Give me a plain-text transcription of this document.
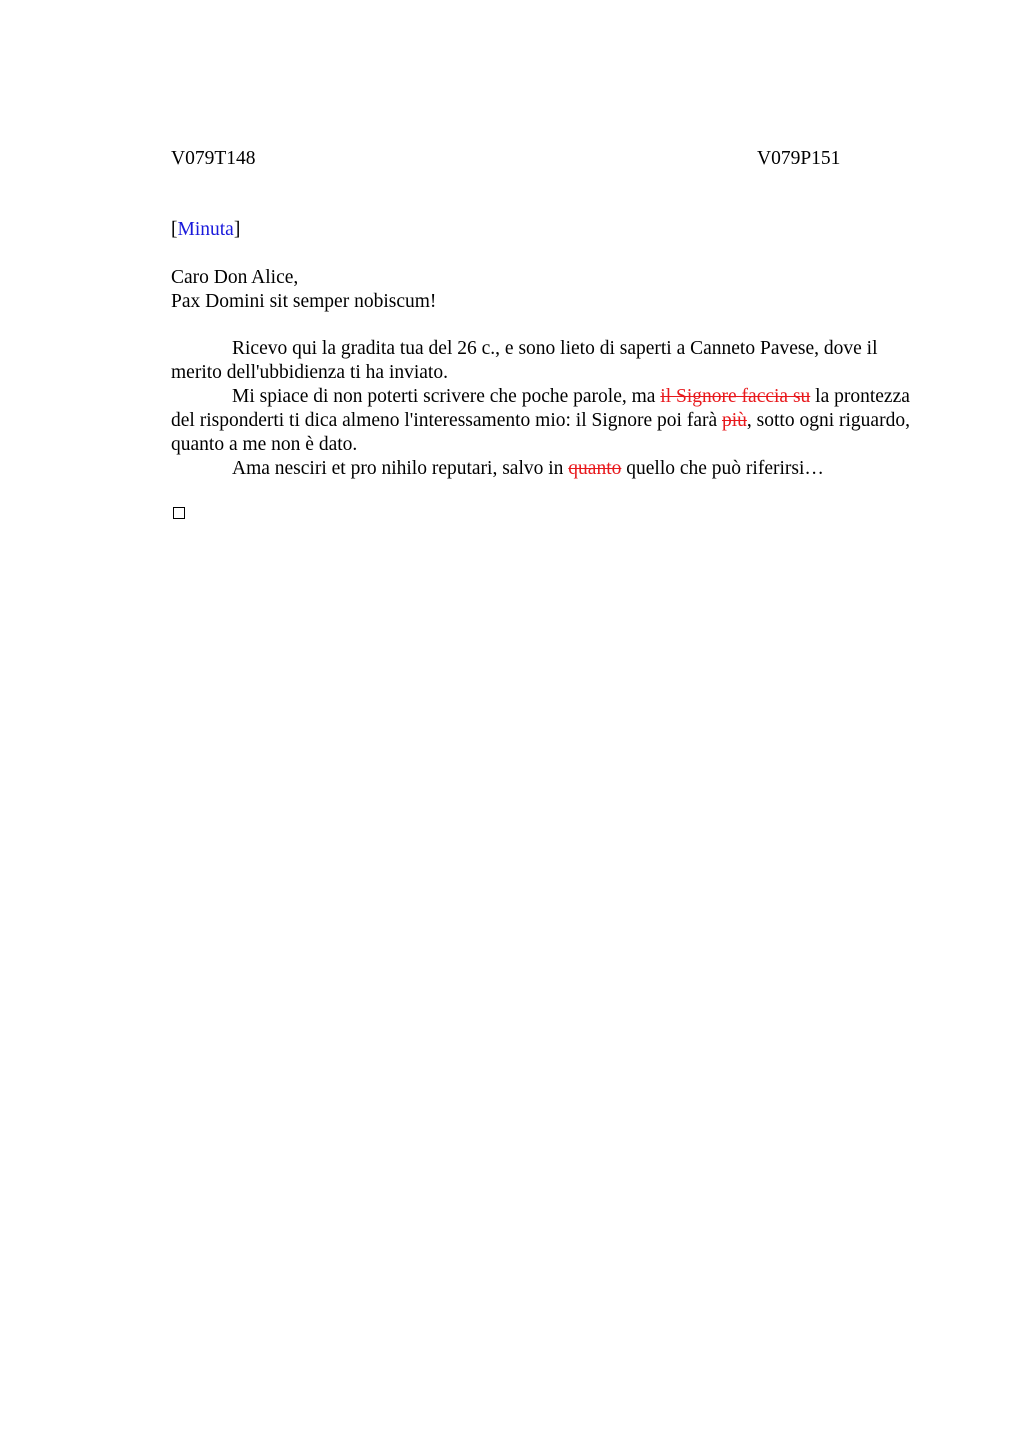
V079T148	V079P151
[Minuta]
Caro Don Alice,
Pax Domini sit semper nobiscum!

Ricevo qui la gradita tua del 26 c., e sono lieto di saperti a Canneto Pavese, dove il merito dell'ubbidienza ti ha inviato.

Mi spiace di non poterti scrivere che poche parole, ma il Signore faccia su la prontezza del risponderti ti dica almeno l'interessamento mio: il Signore poi farà più, sotto ogni riguardo, quanto a me non è dato.

Ama nesciri et pro nihilo reputari, salvo in quanto quello che può riferirsi…
